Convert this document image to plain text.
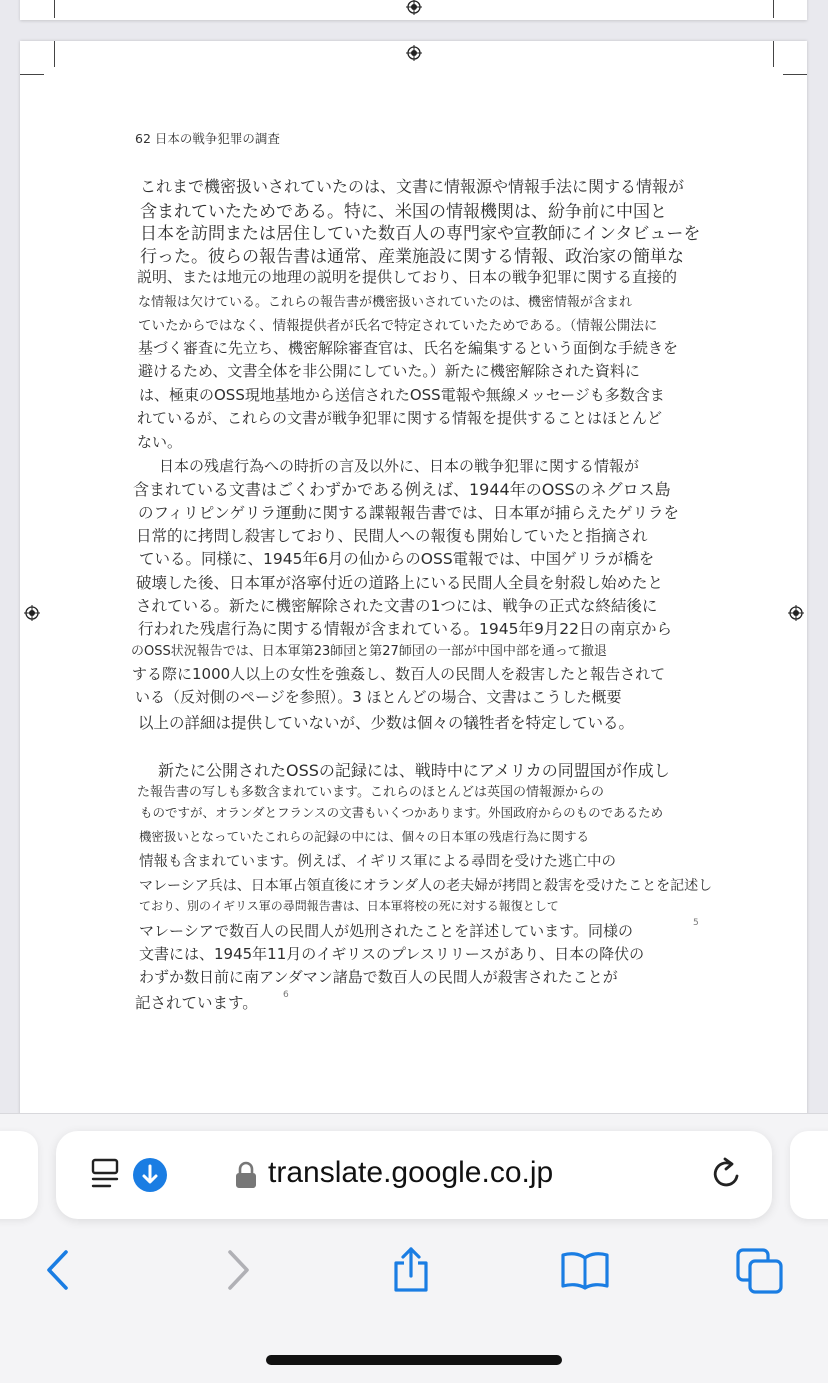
62 日本の戦争犯罪の調査
これまで機密扱いされていたのは、文書に情報源や情報手法に関する情報が
含まれていたためである。特に、米国の情報機関は、紛争前に中国と
日本を訪問または居住していた数百人の専門家や宣教師にインタビューを
行った。彼らの報告書は通常、産業施設に関する情報、政治家の簡単な
説明、または地元の地理の説明を提供しており、日本の戦争犯罪に関する直接的
な情報は欠けている。これらの報告書が機密扱いされていたのは、機密情報が含まれ
ていたからではなく、情報提供者が氏名で特定されていたためである。（情報公開法に
基づく審査に先立ち、機密解除審査官は、氏名を編集するという面倒な手続きを
避けるため、文書全体を非公開にしていた。）新たに機密解除された資料に
は、極東のOSS現地基地から送信されたOSS電報や無線メッセージも多数含ま
れているが、これらの文書が戦争犯罪に関する情報を提供することはほとんど
ない。
日本の残虐行為への時折の言及以外に、日本の戦争犯罪に関する情報が
含まれている文書はごくわずかである例えば、1944年のOSSのネグロス島
のフィリピンゲリラ運動に関する諜報報告書では、日本軍が捕らえたゲリラを
日常的に拷問し殺害しており、民間人への報復も開始していたと指摘され
ている。同様に、1945年6月の仙からのOSS電報では、中国ゲリラが橋を
破壊した後、日本軍が洛寧付近の道路上にいる民間人全員を射殺し始めたと
されている。新たに機密解除された文書の1つには、戦争の正式な終結後に
行われた残虐行為に関する情報が含まれている。1945年9月22日の南京から
のOSS状況報告では、日本軍第23師団と第27師団の一部が中国中部を通って撤退
する際に1000人以上の女性を強姦し、数百人の民間人を殺害したと報告されて
いる（反対側のページを参照）。3 ほとんどの場合、文書はこうした概要
以上の詳細は提供していないが、少数は個々の犠牲者を特定している。
新たに公開されたOSSの記録には、戦時中にアメリカの同盟国が作成し
た報告書の写しも多数含まれています。これらのほとんどは英国の情報源からの
ものですが、オランダとフランスの文書もいくつかあります。外国政府からのものであるため
機密扱いとなっていたこれらの記録の中には、個々の日本軍の残虐行為に関する
情報も含まれています。例えば、イギリス軍による尋問を受けた逃亡中の
マレーシア兵は、日本軍占領直後にオランダ人の老夫婦が拷問と殺害を受けたことを記述し
ており、別のイギリス軍の尋問報告書は、日本軍将校の死に対する報復として
マレーシアで数百人の民間人が処刑されたことを詳述しています。同様の
文書には、1945年11月のイギリスのプレスリリースがあり、日本の降伏の
わずか数日前に南アンダマン諸島で数百人の民間人が殺害されたことが
記されています。
5
6
translate.google.co.jp
